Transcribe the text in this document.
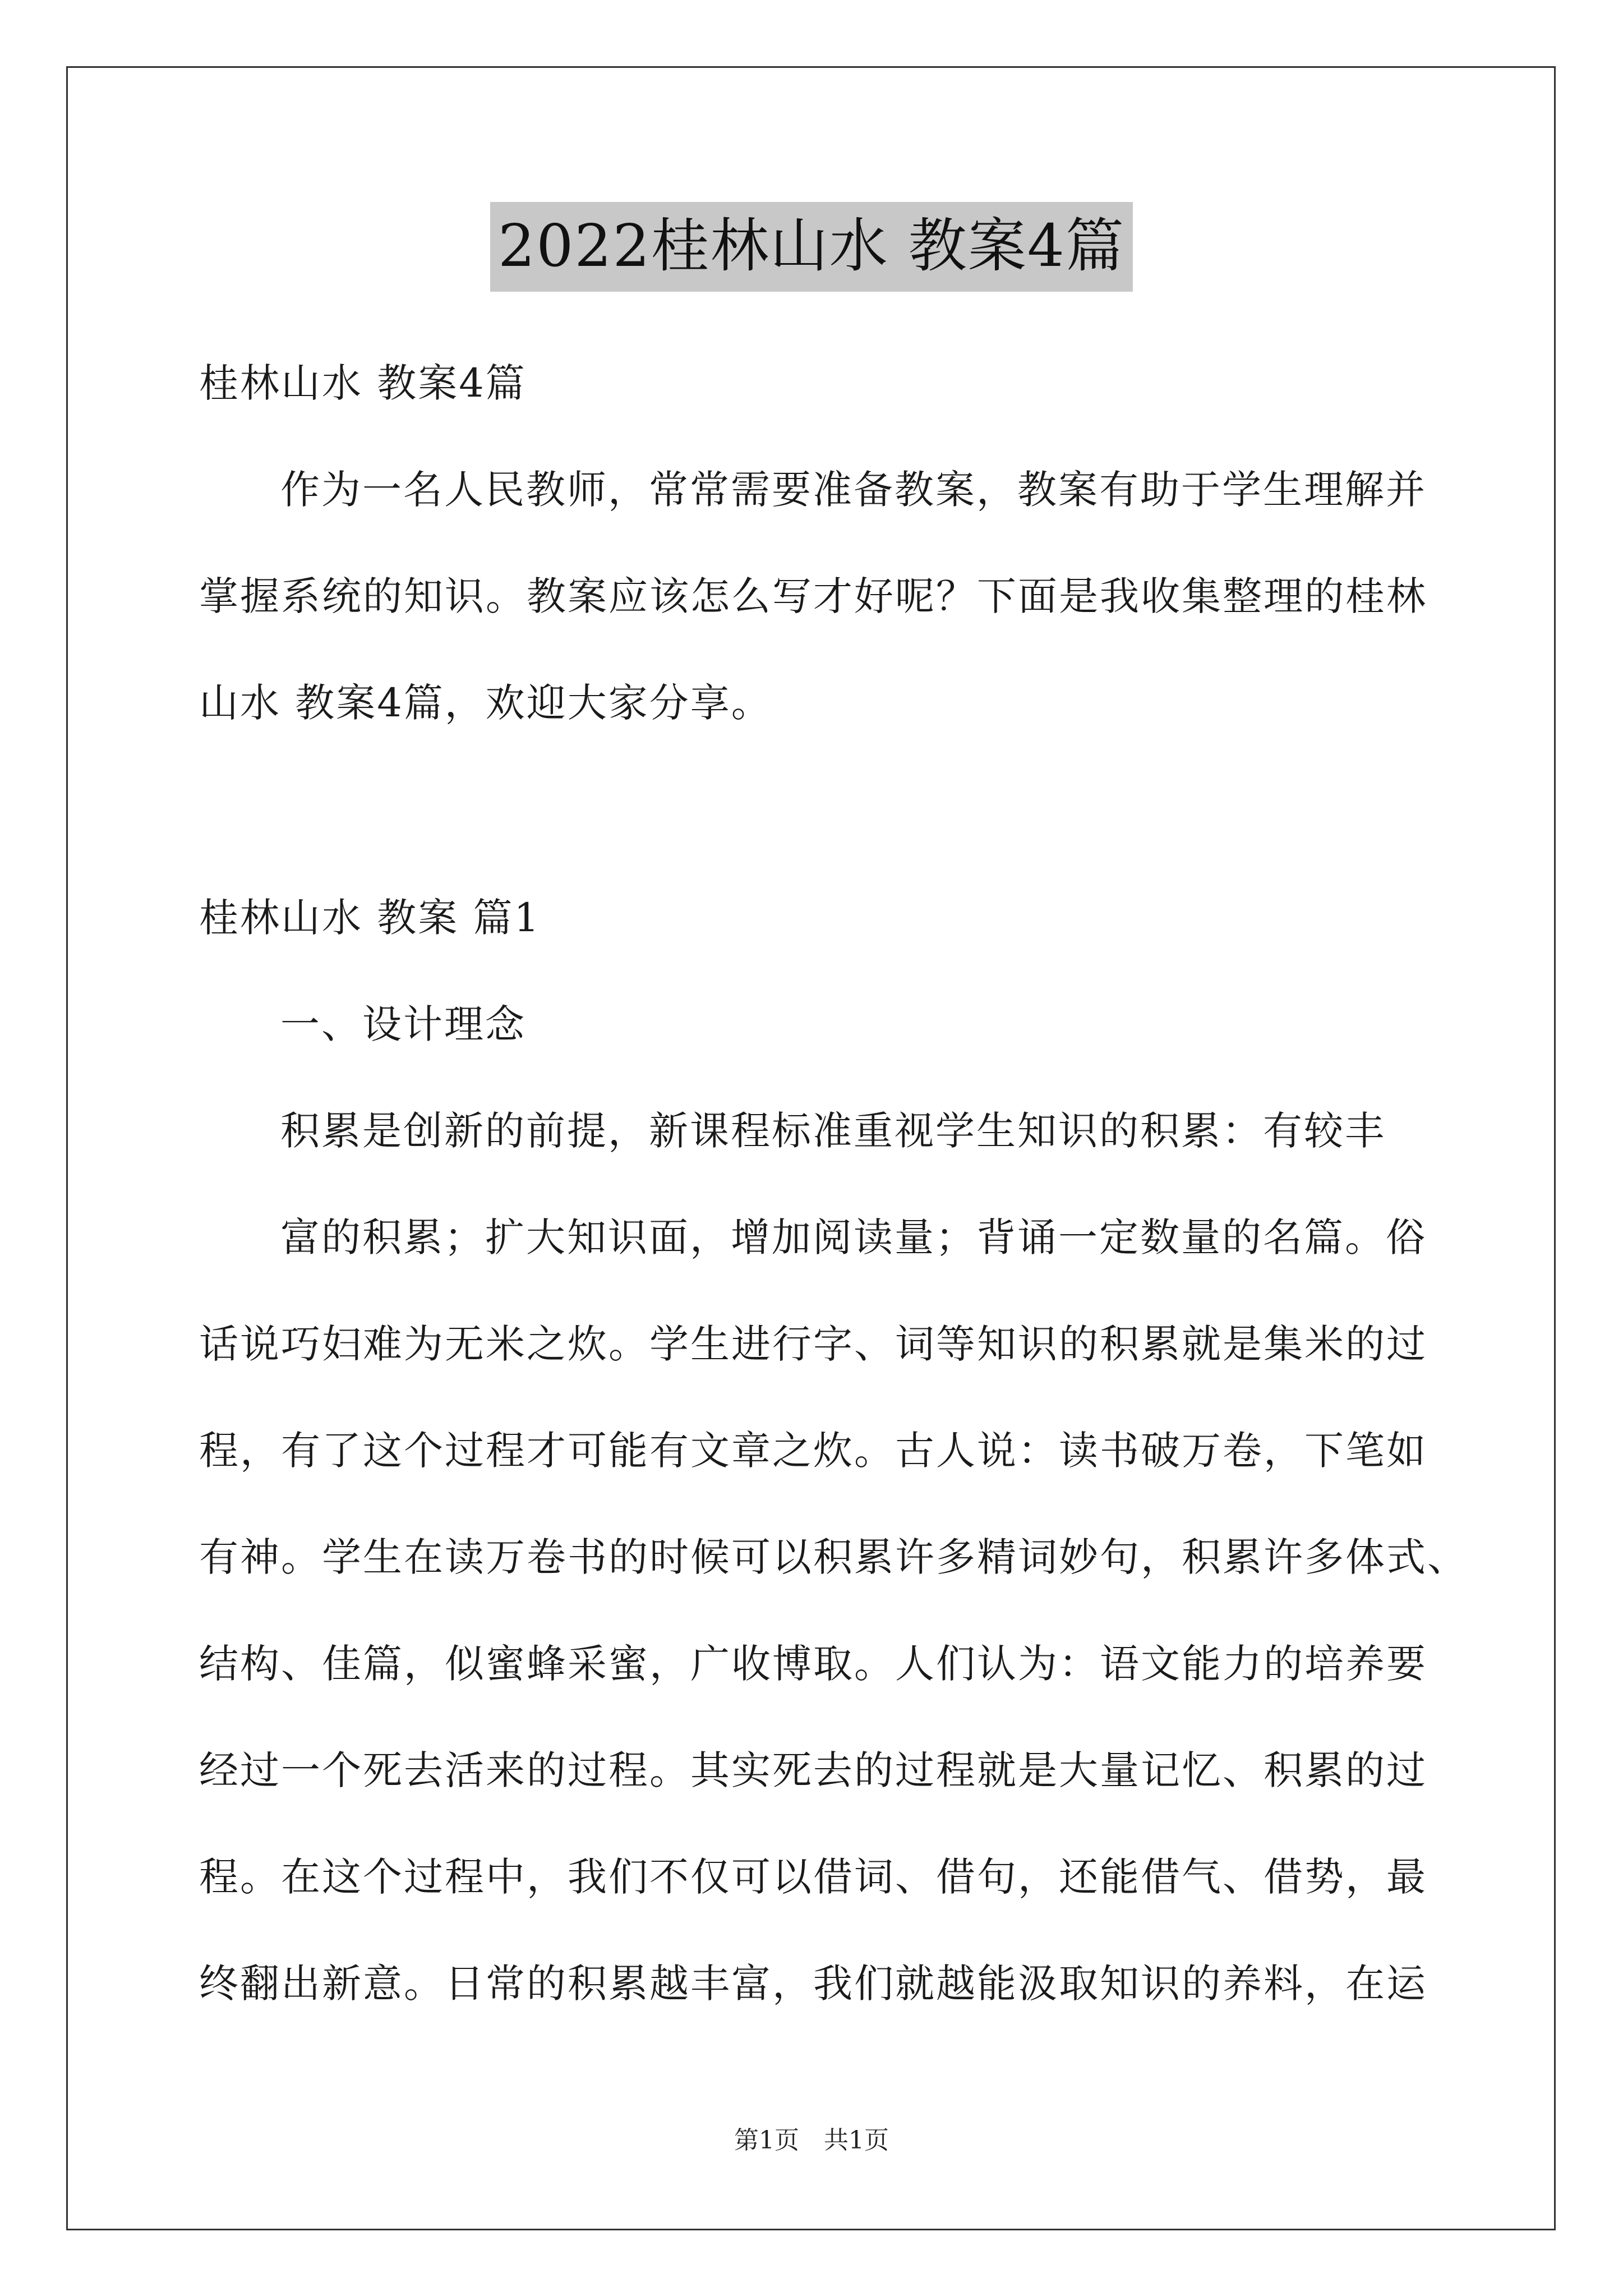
2022桂林山水 教案4篇
桂林山水 教案4篇
作为一名人民教师，常常需要准备教案，教案有助于学生理解并
掌握系统的知识。教案应该怎么写才好呢？下面是我收集整理的桂林
山水 教案4篇，欢迎大家分享。
桂林山水 教案 篇1
一、设计理念
积累是创新的前提，新课程标准重视学生知识的积累：有较丰
富的积累；扩大知识面，增加阅读量；背诵一定数量的名篇。俗
话说巧妇难为无米之炊。学生进行字、词等知识的积累就是集米的过
程，有了这个过程才可能有文章之炊。古人说：读书破万卷，下笔如
有神。学生在读万卷书的时候可以积累许多精词妙句，积累许多体式、
结构、佳篇，似蜜蜂采蜜，广收博取。人们认为：语文能力的培养要
经过一个死去活来的过程。其实死去的过程就是大量记忆、积累的过
程。在这个过程中，我们不仅可以借词、借句，还能借气、借势，最
终翻出新意。日常的积累越丰富，我们就越能汲取知识的养料，在运
第1页　共1页
